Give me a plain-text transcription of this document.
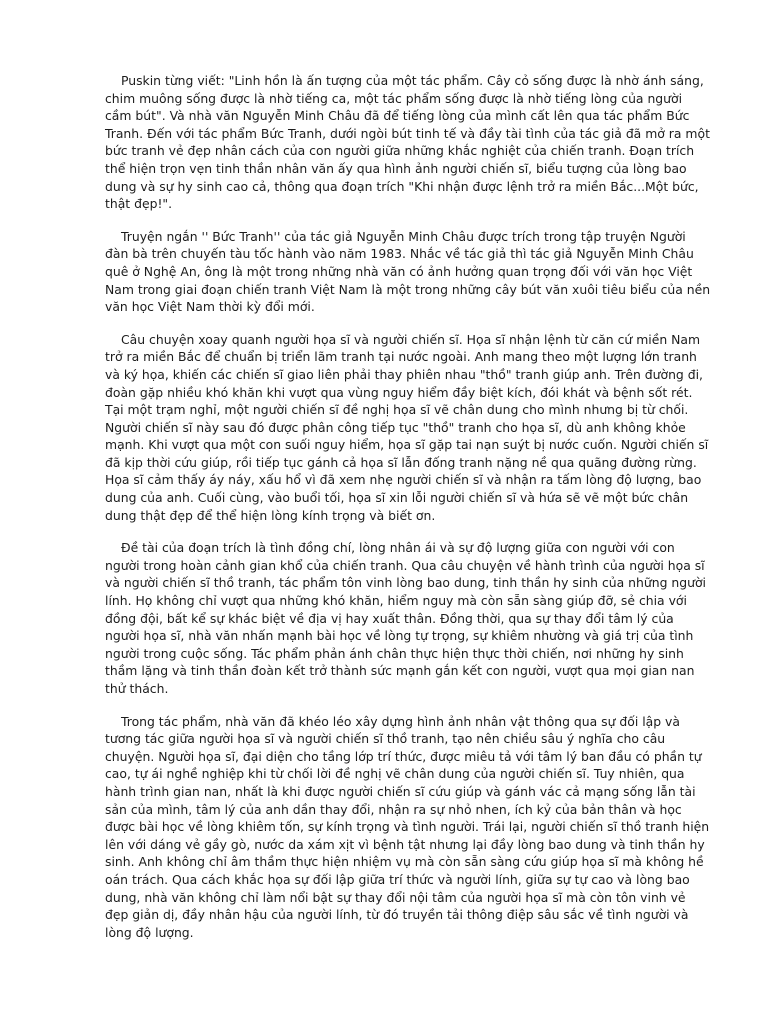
Puskin từng viết: "Linh hồn là ấn tượng của một tác phẩm. Cây cỏ sống được là nhờ ánh sáng, chim muông sống được là nhờ tiếng ca, một tác phẩm sống được là nhờ tiếng lòng của người cầm bút". Và nhà văn Nguyễn Minh Châu đã để tiếng lòng của mình cất lên qua tác phẩm Bức Tranh. Đến với tác phẩm Bức Tranh, dưới ngòi bút tinh tế và đầy tài tình của tác giả đã mở ra một bức tranh vẻ đẹp nhân cách của con người giữa những khắc nghiệt của chiến tranh. Đoạn trích thể hiện trọn vẹn tinh thần nhân văn ấy qua hình ảnh người chiến sĩ, biểu tượng của lòng bao dung và sự hy sinh cao cả, thông qua đoạn trích "Khi nhận được lệnh trở ra miền Bắc...Một bức, thật đẹp!".

Truyện ngắn '' Bức Tranh'' của tác giả Nguyễn Minh Châu được trích trong tập truyện Người đàn bà trên chuyến tàu tốc hành vào năm 1983. Nhắc về tác giả thì tác giả Nguyễn Minh Châu quê ở Nghệ An, ông là một trong những nhà văn có ảnh hưởng quan trọng đối với văn học Việt Nam trong giai đoạn chiến tranh Việt Nam là một trong những cây bút văn xuôi tiêu biểu của nền văn học Việt Nam thời kỳ đổi mới.

Câu chuyện xoay quanh người họa sĩ và người chiến sĩ. Họa sĩ nhận lệnh từ căn cứ miền Nam trở ra miền Bắc để chuẩn bị triển lãm tranh tại nước ngoài. Anh mang theo một lượng lớn tranh và ký họa, khiến các chiến sĩ giao liên phải thay phiên nhau "thồ" tranh giúp anh. Trên đường đi, đoàn gặp nhiều khó khăn khi vượt qua vùng nguy hiểm đầy biệt kích, đói khát và bệnh sốt rét. Tại một trạm nghỉ, một người chiến sĩ đề nghị họa sĩ vẽ chân dung cho mình nhưng bị từ chối. Người chiến sĩ này sau đó được phân công tiếp tục "thồ" tranh cho họa sĩ, dù anh không khỏe mạnh. Khi vượt qua một con suối nguy hiểm, họa sĩ gặp tai nạn suýt bị nước cuốn. Người chiến sĩ đã kịp thời cứu giúp, rồi tiếp tục gánh cả họa sĩ lẫn đống tranh nặng nề qua quãng đường rừng. Họa sĩ cảm thấy áy náy, xấu hổ vì đã xem nhẹ người chiến sĩ và nhận ra tấm lòng độ lượng, bao dung của anh. Cuối cùng, vào buổi tối, họa sĩ xin lỗi người chiến sĩ và hứa sẽ vẽ một bức chân dung thật đẹp để thể hiện lòng kính trọng và biết ơn.

Đề tài của đoạn trích là tình đồng chí, lòng nhân ái và sự độ lượng giữa con người với con người trong hoàn cảnh gian khổ của chiến tranh. Qua câu chuyện về hành trình của người họa sĩ và người chiến sĩ thồ tranh, tác phẩm tôn vinh lòng bao dung, tinh thần hy sinh của những người lính. Họ không chỉ vượt qua những khó khăn, hiểm nguy mà còn sẵn sàng giúp đỡ, sẻ chia với đồng đội, bất kể sự khác biệt về địa vị hay xuất thân. Đồng thời, qua sự thay đổi tâm lý của người họa sĩ, nhà văn nhấn mạnh bài học về lòng tự trọng, sự khiêm nhường và giá trị của tình người trong cuộc sống. Tác phẩm phản ánh chân thực hiện thực thời chiến, nơi những hy sinh thầm lặng và tinh thần đoàn kết trở thành sức mạnh gắn kết con người, vượt qua mọi gian nan thử thách.

Trong tác phẩm, nhà văn đã khéo léo xây dựng hình ảnh nhân vật thông qua sự đối lập và tương tác giữa người họa sĩ và người chiến sĩ thồ tranh, tạo nên chiều sâu ý nghĩa cho câu chuyện. Người họa sĩ, đại diện cho tầng lớp trí thức, được miêu tả với tâm lý ban đầu có phần tự cao, tự ái nghề nghiệp khi từ chối lời đề nghị vẽ chân dung của người chiến sĩ. Tuy nhiên, qua hành trình gian nan, nhất là khi được người chiến sĩ cứu giúp và gánh vác cả mạng sống lẫn tài sản của mình, tâm lý của anh dần thay đổi, nhận ra sự nhỏ nhen, ích kỷ của bản thân và học được bài học về lòng khiêm tốn, sự kính trọng và tình người. Trái lại, người chiến sĩ thồ tranh hiện lên với dáng vẻ gầy gò, nước da xám xịt vì bệnh tật nhưng lại đầy lòng bao dung và tinh thần hy sinh. Anh không chỉ âm thầm thực hiện nhiệm vụ mà còn sẵn sàng cứu giúp họa sĩ mà không hề oán trách. Qua cách khắc họa sự đối lập giữa trí thức và người lính, giữa sự tự cao và lòng bao dung, nhà văn không chỉ làm nổi bật sự thay đổi nội tâm của người họa sĩ mà còn tôn vinh vẻ đẹp giản dị, đầy nhân hậu của người lính, từ đó truyền tải thông điệp sâu sắc về tình người và lòng độ lượng.
